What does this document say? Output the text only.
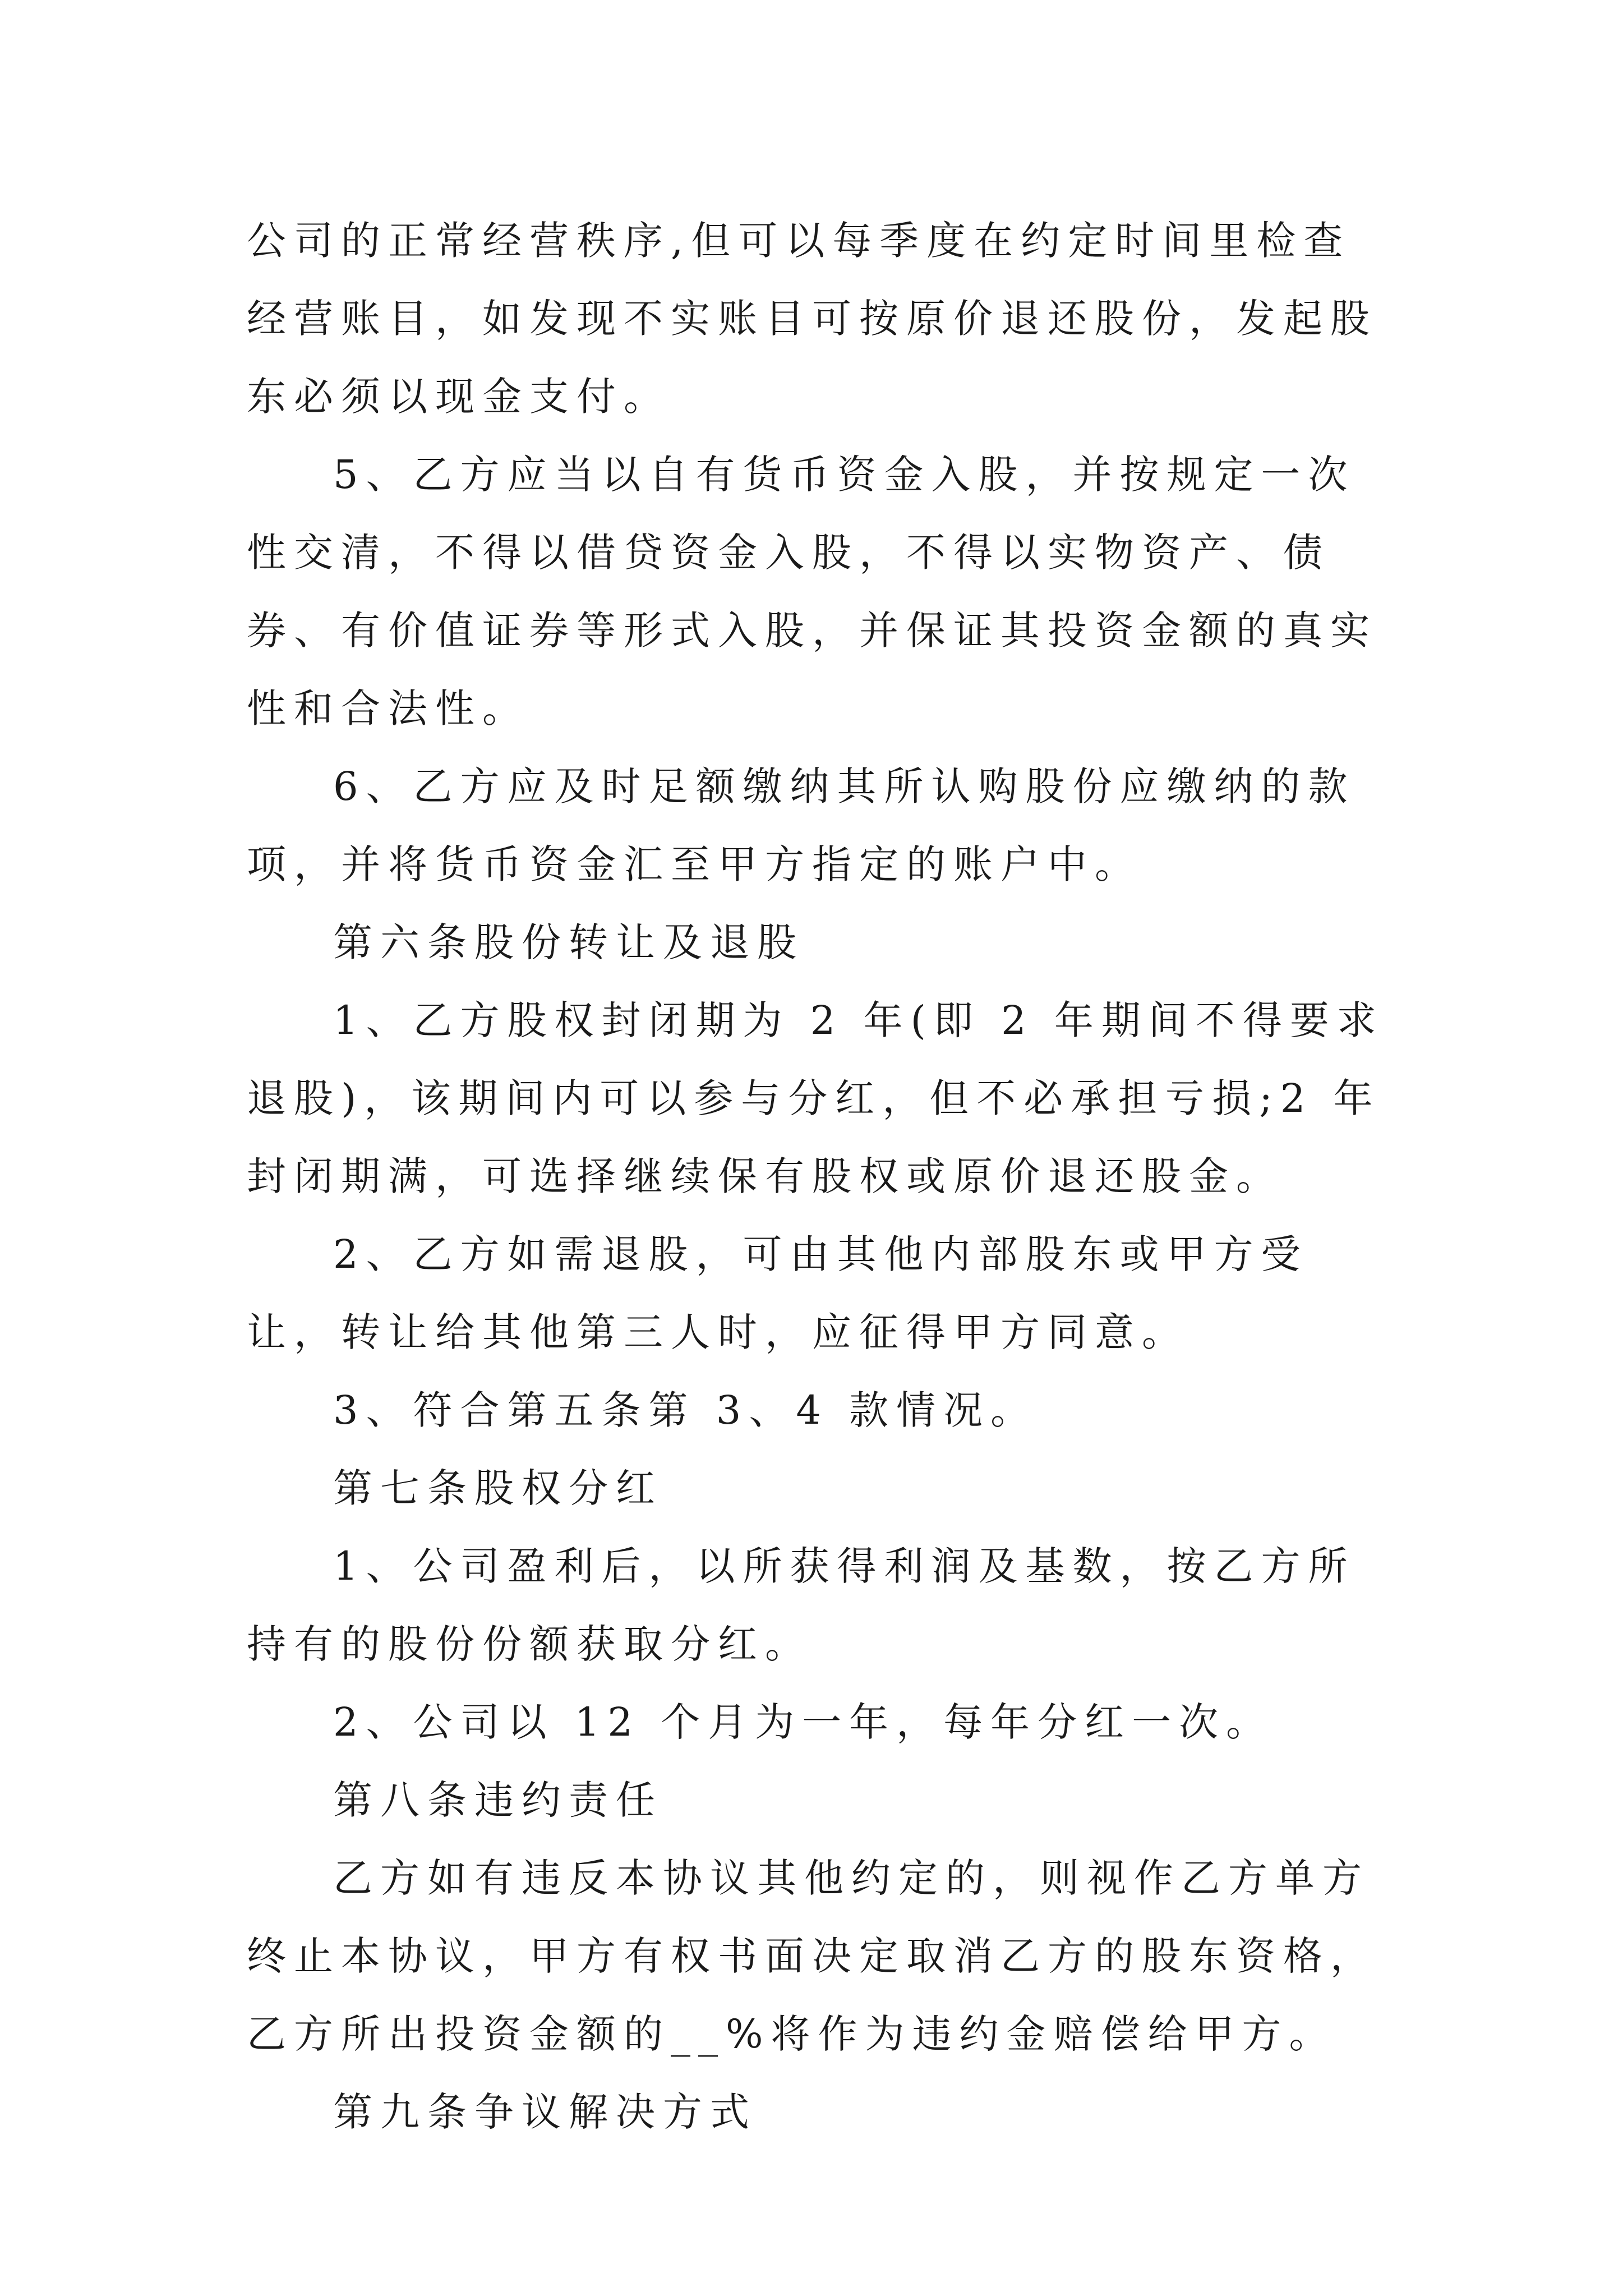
公司的正常经营秩序,但可以每季度在约定时间里检查经营账目，如发现不实账目可按原价退还股份，发起股东必须以现金支付。

5、乙方应当以自有货币资金入股，并按规定一次性交清，不得以借贷资金入股，不得以实物资产、债券、有价值证券等形式入股，并保证其投资金额的真实性和合法性。

6、乙方应及时足额缴纳其所认购股份应缴纳的款项，并将货币资金汇至甲方指定的账户中。

第六条股份转让及退股

1、乙方股权封闭期为 2 年(即 2 年期间不得要求退股)，该期间内可以参与分红，但不必承担亏损;2 年封闭期满，可选择继续保有股权或原价退还股金。

2、乙方如需退股，可由其他内部股东或甲方受让，转让给其他第三人时，应征得甲方同意。

3、符合第五条第 3、4 款情况。

第七条股权分红

1、公司盈利后，以所获得利润及基数，按乙方所持有的股份份额获取分红。

2、公司以 12 个月为一年，每年分红一次。

第八条违约责任

乙方如有违反本协议其他约定的，则视作乙方单方终止本协议，甲方有权书面决定取消乙方的股东资格，乙方所出投资金额的__%将作为违约金赔偿给甲方。

第九条争议解决方式
